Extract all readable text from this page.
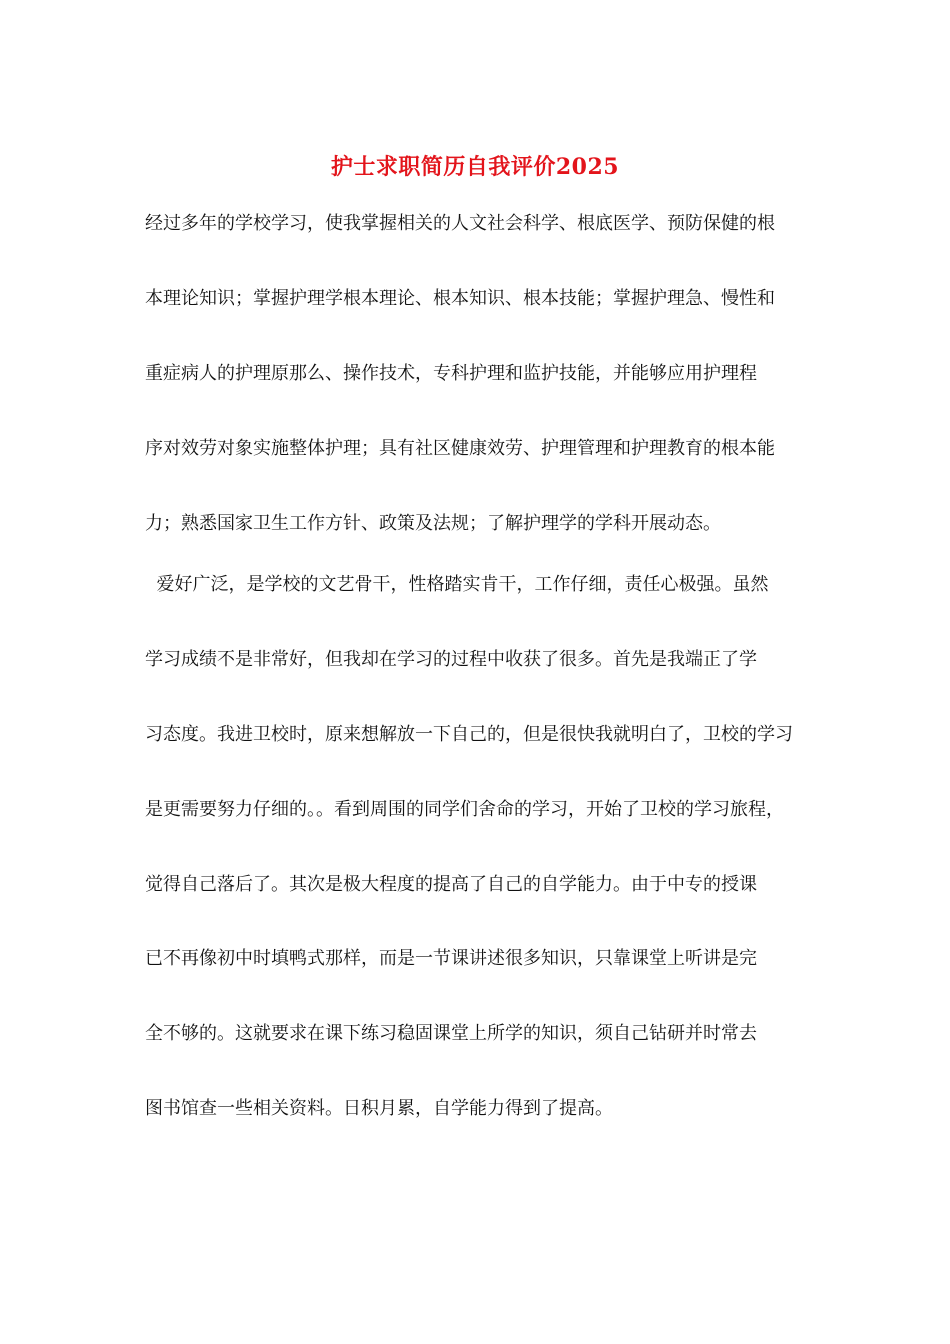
护士求职简历自我评价2025
经过多年的学校学习，使我掌握相关的人文社会科学、根底医学、预防保健的根
本理论知识；掌握护理学根本理论、根本知识、根本技能；掌握护理急、慢性和
重症病人的护理原那么、操作技术，专科护理和监护技能，并能够应用护理程
序对效劳对象实施整体护理；具有社区健康效劳、护理管理和护理教育的根本能
力；熟悉国家卫生工作方针、政策及法规；了解护理学的学科开展动态。
爱好广泛，是学校的文艺骨干，性格踏实肯干，工作仔细，责任心极强。虽然
学习成绩不是非常好，但我却在学习的过程中收获了很多。首先是我端正了学
习态度。我进卫校时，原来想解放一下自己的，但是很快我就明白了，卫校的学习
是更需要努力仔细的。。看到周围的同学们舍命的学习，开始了卫校的学习旅程，
觉得自己落后了。其次是极大程度的提高了自己的自学能力。由于中专的授课
已不再像初中时填鸭式那样，而是一节课讲述很多知识，只靠课堂上听讲是完
全不够的。这就要求在课下练习稳固课堂上所学的知识，须自己钻研并时常去
图书馆查一些相关资料。日积月累，自学能力得到了提高。
